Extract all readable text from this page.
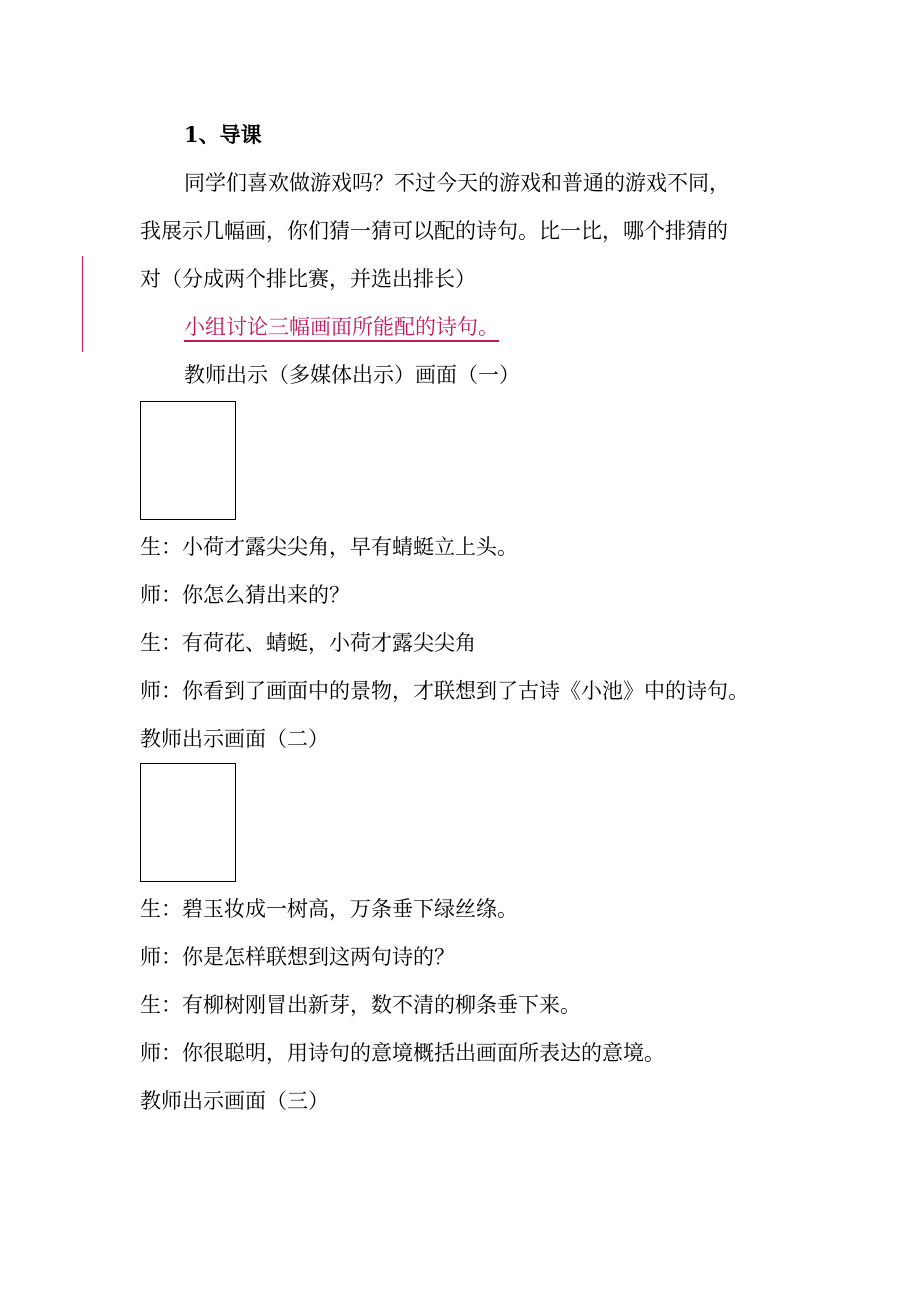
1、导课
同学们喜欢做游戏吗？不过今天的游戏和普通的游戏不同，
我展示几幅画，你们猜一猜可以配的诗句。比一比，哪个排猜的
对（分成两个排比赛，并选出排长）
小组讨论三幅画面所能配的诗句。
教师出示（多媒体出示）画面（一）
生：小荷才露尖尖角，早有蜻蜓立上头。
师：你怎么猜出来的？
生：有荷花、蜻蜓，小荷才露尖尖角
师：你看到了画面中的景物，才联想到了古诗《小池》中的诗句。
教师出示画面（二）
生：碧玉妆成一树高，万条垂下绿丝绦。
师：你是怎样联想到这两句诗的？
生：有柳树刚冒出新芽，数不清的柳条垂下来。
师：你很聪明，用诗句的意境概括出画面所表达的意境。
教师出示画面（三）
